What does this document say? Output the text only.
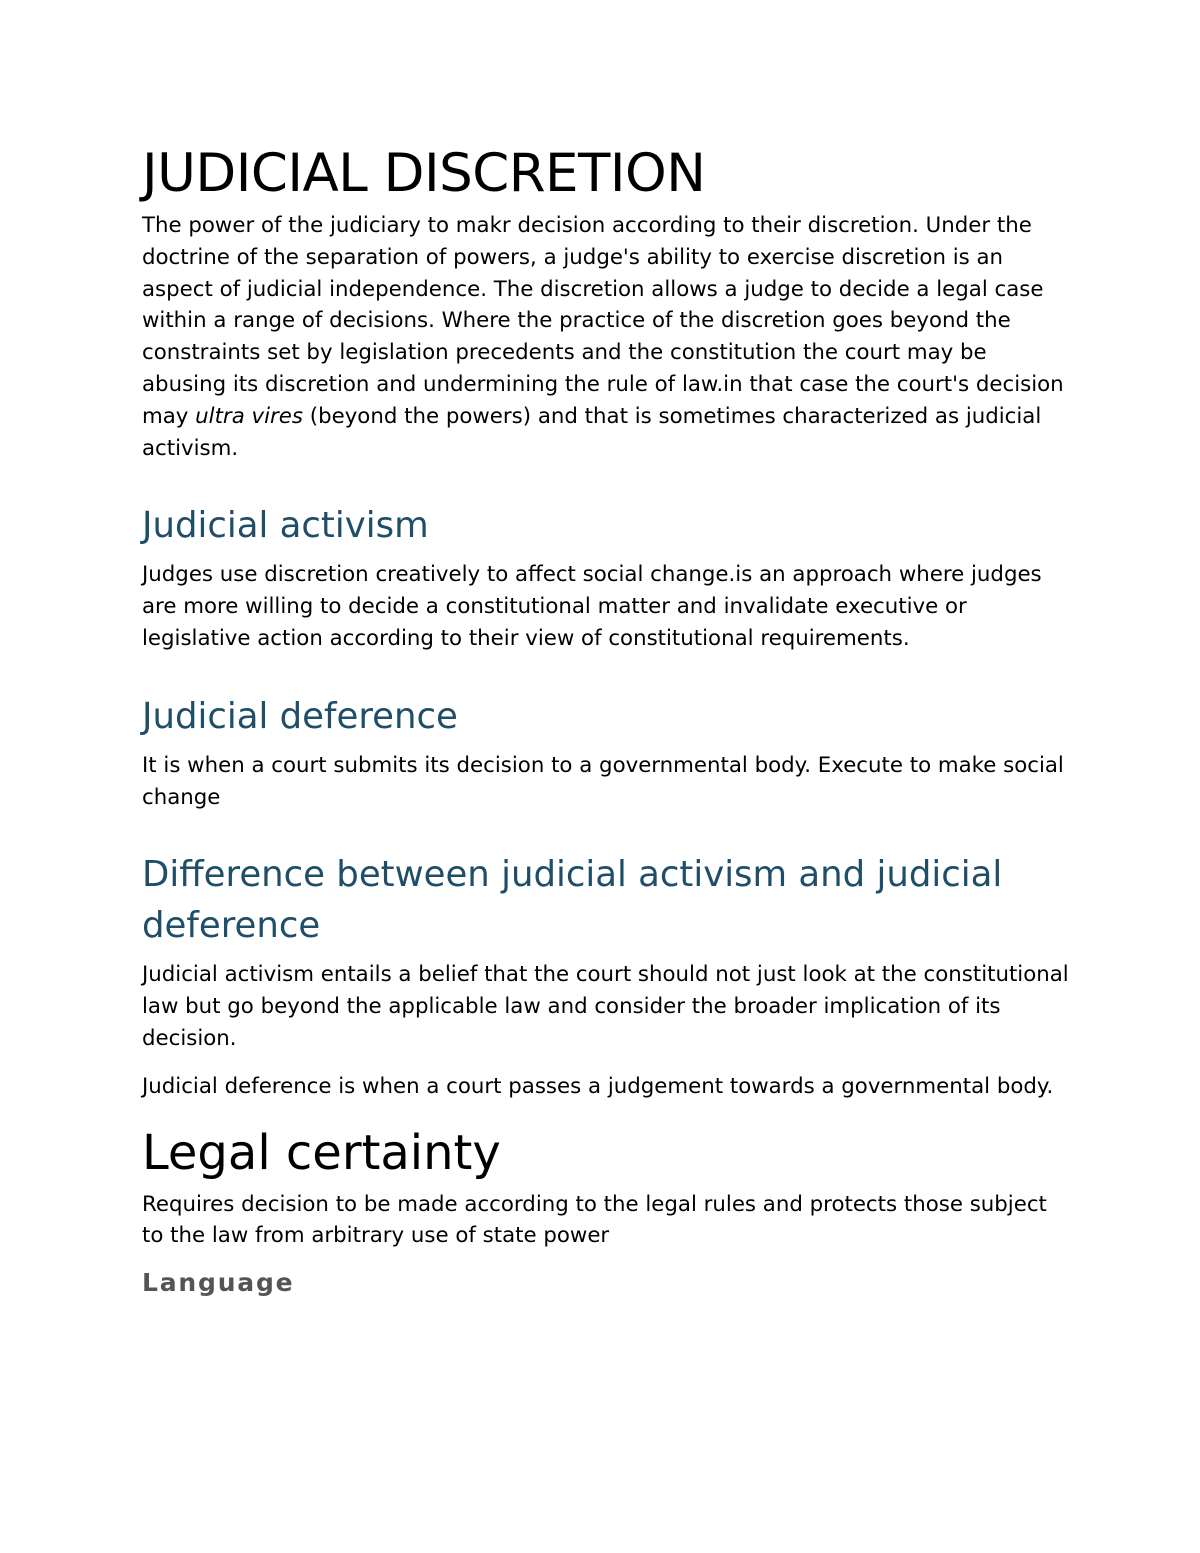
JUDICIAL DISCRETION

The power of the judiciary to makr decision according to their discretion. Under the doctrine of the separation of powers, a judge's ability to exercise discretion is an aspect of judicial independence. The discretion allows a judge to decide a legal case within a range of decisions. Where the practice of the discretion goes beyond the constraints set by legislation precedents and the constitution the court may be abusing its discretion and undermining the rule of law.in that case the court's decision may ultra vires (beyond the powers) and that is sometimes characterized as judicial activism.

Judicial activism

Judges use discretion creatively to affect social change.is an approach where judges are more willing to decide a constitutional matter and invalidate executive or legislative action according to their view of constitutional requirements.

Judicial deference

It is when a court submits its decision to a governmental body. Execute to make social change

Difference between judicial activism and judicial deference

Judicial activism entails a belief that the court should not just look at the constitutional law but go beyond the applicable law and consider the broader implication of its decision.

Judicial deference is when a court passes a judgement towards a governmental body.

Legal certainty

Requires decision to be made according to the legal rules and protects those subject to the law from arbitrary use of state power

Language
